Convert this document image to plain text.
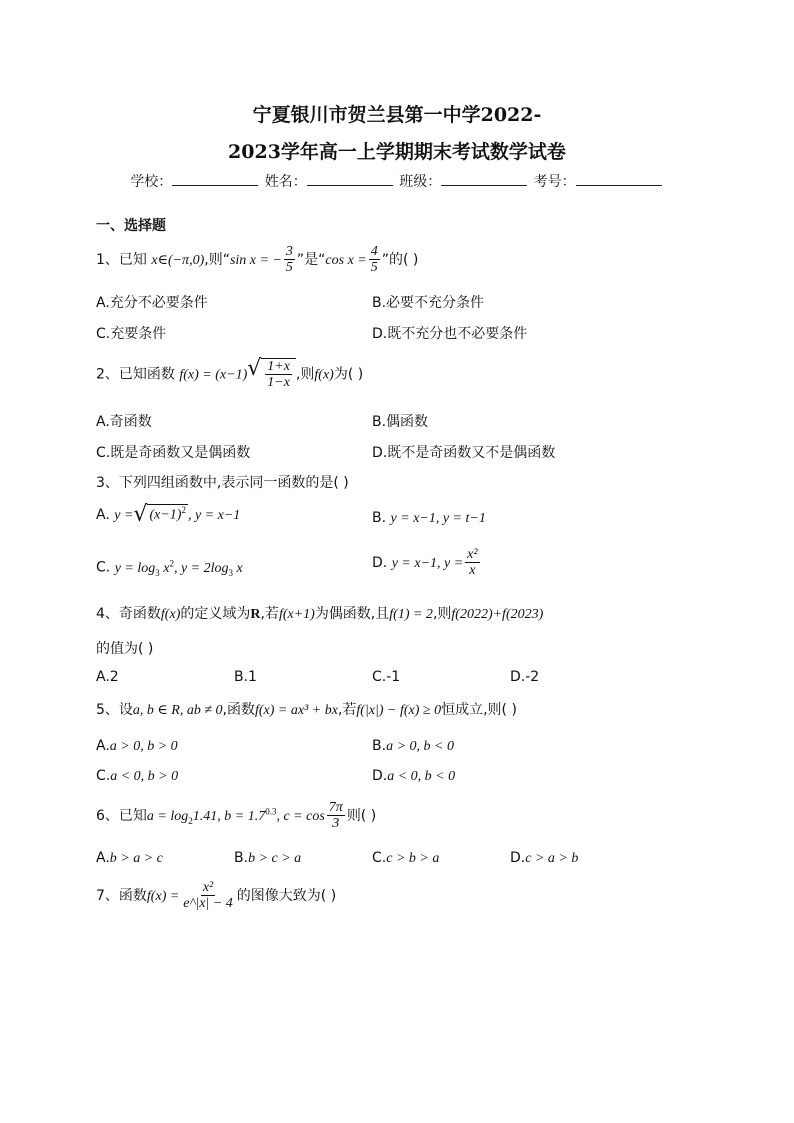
宁夏银川市贺兰县第一中学2022-
2023学年高一上学期期末考试数学试卷
学校：	姓名：	班级：	考号：
一、选择题
1、已知 x∈(−π,0),则“sin x = − $\frac{3}{5}$ ”是“cos $x = \frac{4}{5}$ ”的( )
A.充分不必要条件	B.必要不充分条件
C.充要条件	D.既不充分也不必要条件
2、已知函数 f(x) = (x−1) √ $\frac{1+x}{1-x}$ ,则f(x)为( )
A.奇函数	B.偶函数
C.既是奇函数又是偶函数	D.既不是奇函数又不是偶函数
3、下列四组函数中,表示同一函数的是( )
A. y = √ $(x-1)^2$ , y = x−1	B. y = x−1, y = t−1
C. $y = \log_3 x^2$, $y = 2\log_3$ x	D. y = x−1, $y = \frac{\text{x²}}{x}$
4、奇函数f(x)的定义域为R,若f(x+1)为偶函数,且f(1) = 2,则f(2022)+f(2023)
的值为( )
A.2	B.1	C.-1	D.-2
5、设a, b ∈ R, ab ≠ 0,函数f(x) = ax³ + bx,若f(|x|) − f(x) ≥ 0恒成立,则( )
A.a > 0, b > 0	B.a > 0, b < 0
C.a < 0, b > 0	D.a < 0, b < 0
6、已知$a = \log_21.41$, $b = 1.7^{0.3}$, $c = \cos \frac{7\pi}{3}$ 则( )
A.b > a > c	B.b > c > a	C.c > b > a	D.c > a > b
7、函数$f(x) = \frac{\text{x²}}{e\^{}|x| - 4}$ 的图像大致为( )
